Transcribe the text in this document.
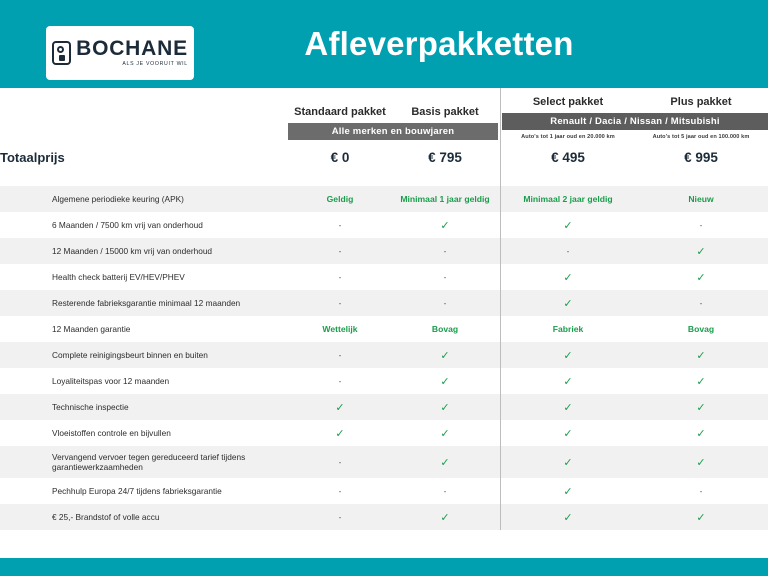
BOCHANE
ALS JE VOORUIT WIL
Afleverpakketten

Standaard pakket	Basis pakket
Alle merken en bouwjaren

Select pakket	Plus pakket
Renault / Dacia / Nissan / Mitsubishi
Auto's tot 1 jaar oud en 20.000 km	Auto's tot 5 jaar oud en 100.000 km

Totaalprijs	€ 0	€ 795		€ 495	€ 995

Algemene periodieke keuring (APK)	Geldig	Minimaal 1 jaar geldig		Minimaal 2 jaar geldig	Nieuw
6 Maanden / 7500 km vrij van onderhoud	-	✓		✓	-
12 Maanden / 15000 km vrij van onderhoud	-	-		-	✓
Health check batterij EV/HEV/PHEV	-	-		✓	✓
Resterende fabrieksgarantie minimaal 12 maanden	-	-		✓	-
12 Maanden garantie	Wettelijk	Bovag		Fabriek	Bovag
Complete reinigingsbeurt binnen en buiten	-	✓		✓	✓
Loyaliteitspas voor 12 maanden	-	✓		✓	✓
Technische inspectie	✓	✓		✓	✓
Vloeistoffen controle en bijvullen	✓	✓		✓	✓
Vervangend vervoer tegen gereduceerd tarief tijdens garantiewerkzaamheden	-	✓		✓	✓
Pechhulp Europa 24/7 tijdens fabrieksgarantie	-	-		✓	-
€ 25,- Brandstof of volle accu	-	✓		✓	✓
